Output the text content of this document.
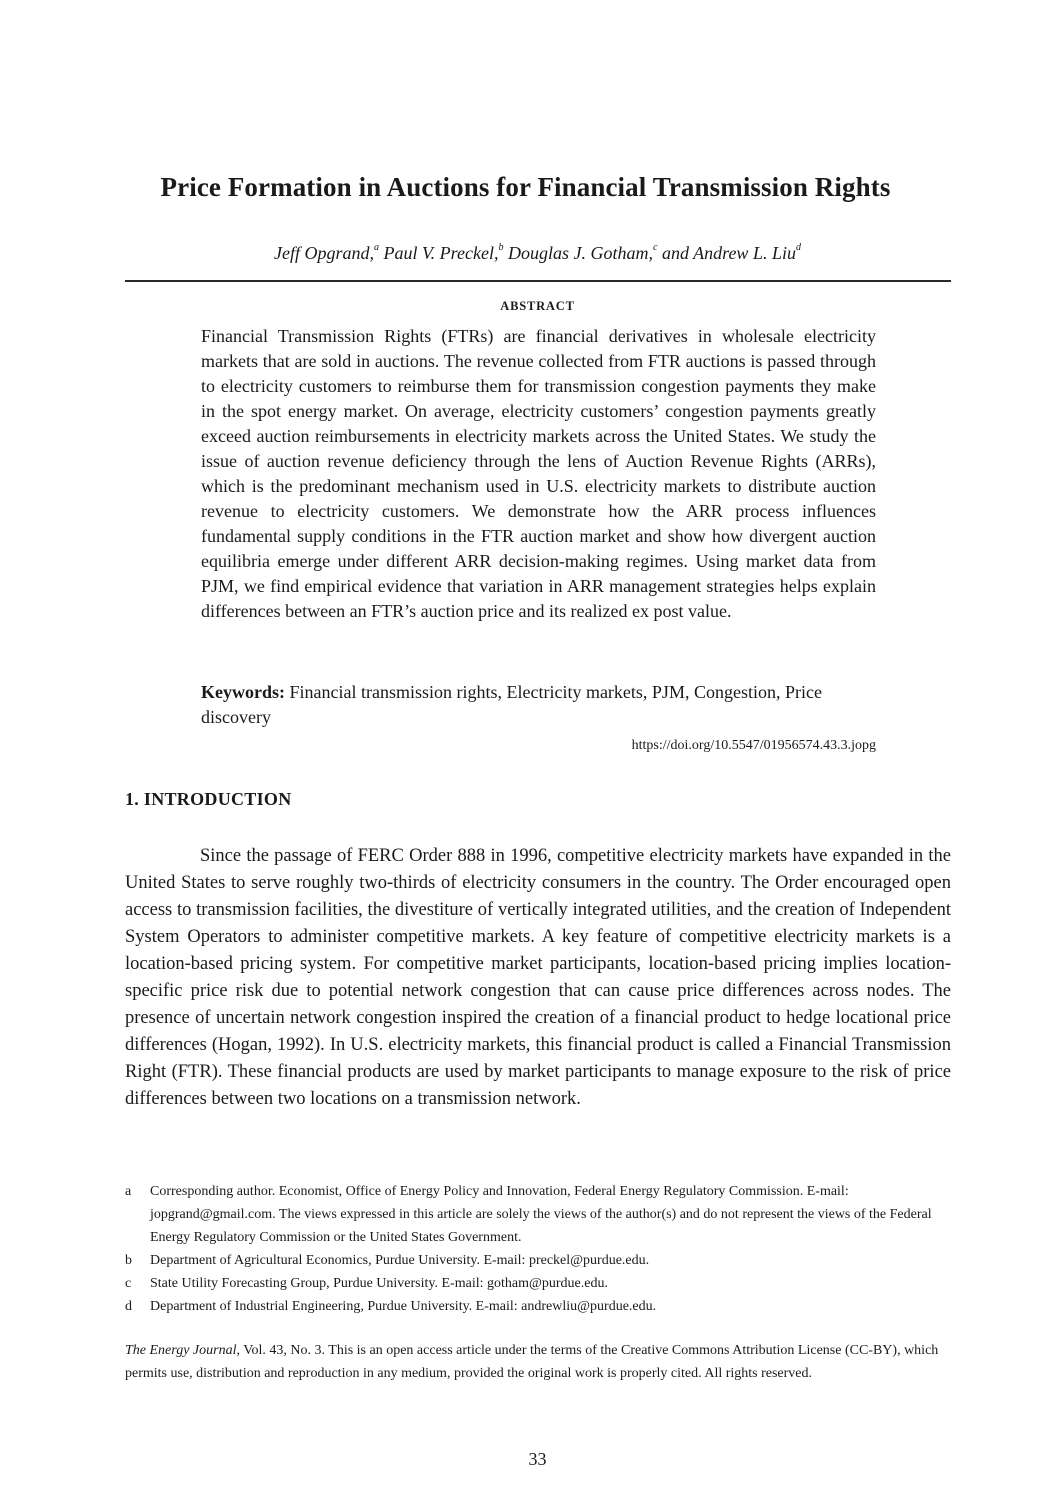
Price Formation in Auctions for Financial Transmission Rights
Jeff Opgrand,$^a$ Paul V. Preckel,$^b$ Douglas J. Gotham,$^c$ and Andrew L. Liu$^d$
ABSTRACT

Financial Transmission Rights (FTRs) are financial derivatives in wholesale electricity markets that are sold in auctions. The revenue collected from FTR auctions is passed through to electricity customers to reimburse them for transmission congestion payments they make in the spot energy market. On average, electricity customers’ congestion payments greatly exceed auction reimbursements in electricity markets across the United States. We study the issue of auction revenue deficiency through the lens of Auction Revenue Rights (ARRs), which is the predominant mechanism used in U.S. electricity markets to distribute auction revenue to electricity customers. We demonstrate how the ARR process influences fundamental supply conditions in the FTR auction market and show how divergent auction equilibria emerge under different ARR decision-making regimes. Using market data from PJM, we find empirical evidence that variation in ARR management strategies helps explain differences between an FTR’s auction price and its realized ex post value.

Keywords: Financial transmission rights, Electricity markets, PJM, Congestion, Price discovery

https://doi.org/10.5547/01956574.43.3.jopg
1. INTRODUCTION

Since the passage of FERC Order 888 in 1996, competitive electricity markets have expanded in the United States to serve roughly two-thirds of electricity consumers in the country. The Order encouraged open access to transmission facilities, the divestiture of vertically integrated utilities, and the creation of Independent System Operators to administer competitive markets. A key feature of competitive electricity markets is a location-based pricing system. For competitive market participants, location-based pricing implies location-specific price risk due to potential network congestion that can cause price differences across nodes. The presence of uncertain network congestion inspired the creation of a financial product to hedge locational price differences (Hogan, 1992). In U.S. electricity markets, this financial product is called a Financial Transmission Right (FTR). These financial products are used by market participants to manage exposure to the risk of price differences between two locations on a transmission network.

a	Corresponding author. Economist, Office of Energy Policy and Innovation, Federal Energy Regulatory Commission. E-mail: jopgrand@gmail.com. The views expressed in this article are solely the views of the author(s) and do not represent the views of the Federal Energy Regulatory Commission or the United States Government.
b	Department of Agricultural Economics, Purdue University. E-mail: preckel@purdue.edu.
c	State Utility Forecasting Group, Purdue University. E-mail: gotham@purdue.edu.
d	Department of Industrial Engineering, Purdue University. E-mail: andrewliu@purdue.edu.

The Energy Journal, Vol. 43, No. 3. This is an open access article under the terms of the Creative Commons Attribution License (CC-BY), which permits use, distribution and reproduction in any medium, provided the original work is properly cited. All rights reserved.

33
